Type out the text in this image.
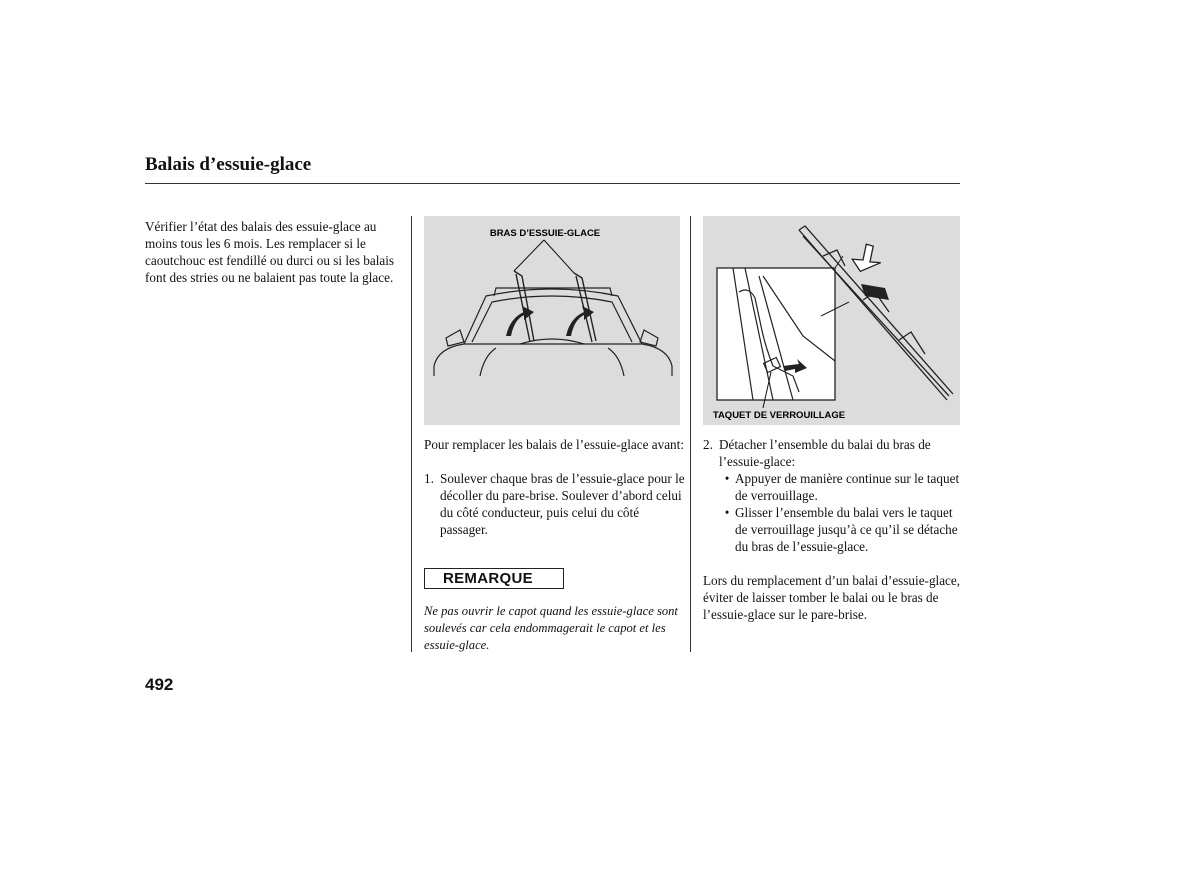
Balais d’essuie-glace
Vérifier l’état des balais des essuie-glace au moins tous les 6 mois. Les remplacer si le caoutchouc est fendillé ou durci ou si les balais font des stries ou ne balaient pas toute la glace.
BRAS D’ESSUIE-GLACE
TAQUET DE VERROUILLAGE

Pour remplacer les balais de l’essuie-glace avant:

1. Soulever chaque bras de l’essuie-glace pour le décoller du pare-brise. Soulever d’abord celui du côté conducteur, puis celui du côté passager.
REMARQUE
Ne pas ouvrir le capot quand les essuie-glace sont soulevés car cela endommagerait le capot et les essuie-glace.
2. Détacher l’ensemble du balai du bras de l’essuie-glace:
• Appuyer de manière continue sur le taquet de verrouillage.
• Glisser l’ensemble du balai vers le taquet de verrouillage jusqu’à ce qu’il se détache du bras de l’essuie-glace.

Lors du remplacement d’un balai d’essuie-glace, éviter de laisser tomber le balai ou le bras de l’essuie-glace sur le pare-brise.

492
